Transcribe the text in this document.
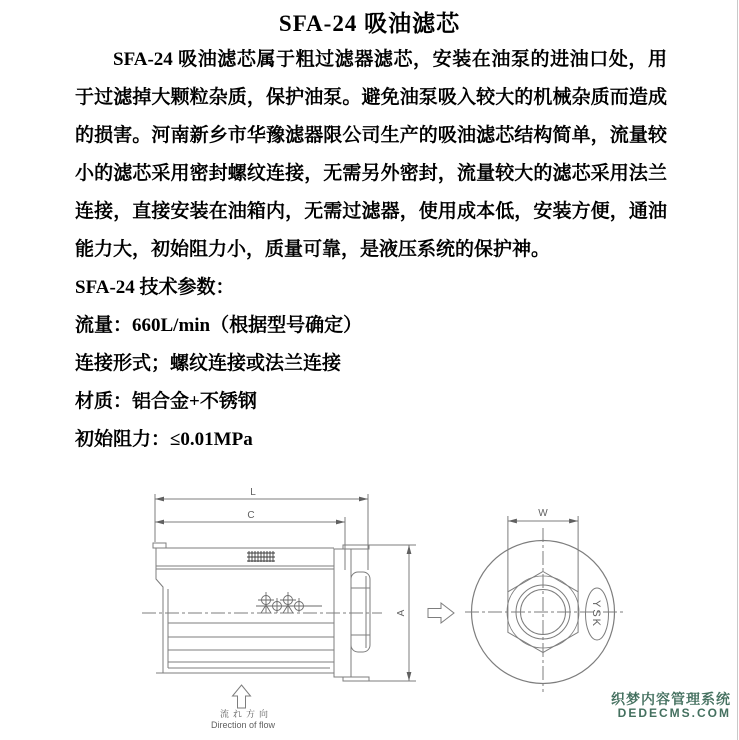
SFA-24 吸油滤芯

SFA-24 吸油滤芯属于粗过滤器滤芯，安装在油泵的进油口处，用于过滤掉大颗粒杂质，保护油泵。避免油泵吸入较大的机械杂质而造成的损害。河南新乡市华豫滤器限公司生产的吸油滤芯结构简单，流量较小的滤芯采用密封螺纹连接，无需另外密封，流量较大的滤芯采用法兰连接，直接安装在油箱内，无需过滤器，使用成本低，安装方便，通油能力大，初始阻力小，质量可靠，是液压系统的保护神。

SFA-24 技术参数：
流量：660L/min（根据型号确定）
连接形式；螺纹连接或法兰连接
材质：铝合金+不锈钢
初始阻力：≤0.01MPa
L
C
A
流れ方向
Direction of flow
W
YSK
织梦内容管理系统
DEDECMS.COM
